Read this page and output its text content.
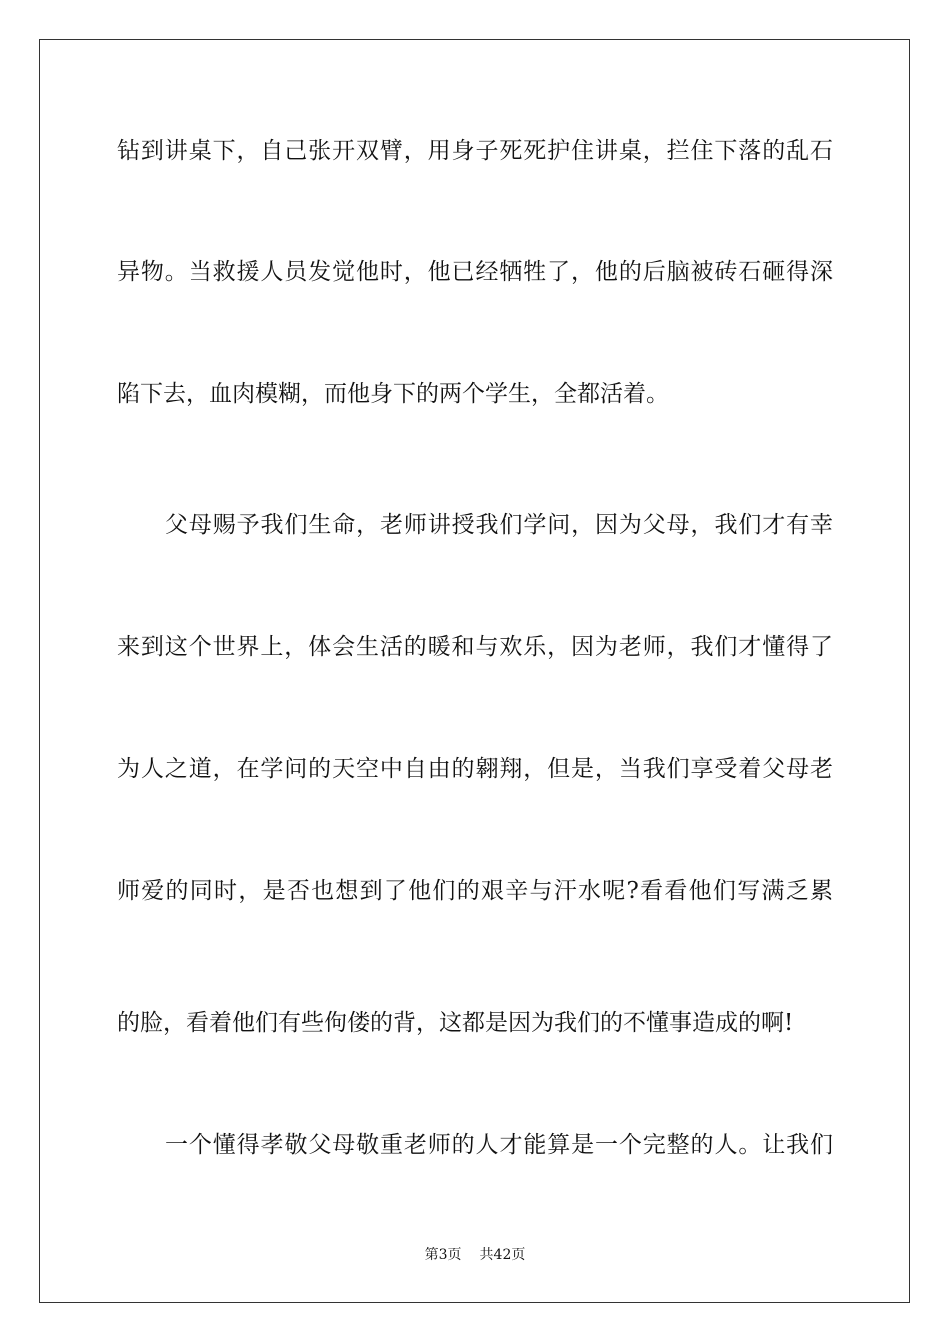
钻到讲桌下，自己张开双臂，用身子死死护住讲桌，拦住下落的乱石
异物。当救援人员发觉他时，他已经牺牲了，他的后脑被砖石砸得深
陷下去，血肉模糊，而他身下的两个学生，全都活着。
父母赐予我们生命，老师讲授我们学问，因为父母，我们才有幸
来到这个世界上，体会生活的暖和与欢乐，因为老师，我们才懂得了
为人之道，在学问的天空中自由的翱翔，但是，当我们享受着父母老
师爱的同时，是否也想到了他们的艰辛与汗水呢?看看他们写满乏累
的脸，看着他们有些佝偻的背，这都是因为我们的不懂事造成的啊!
一个懂得孝敬父母敬重老师的人才能算是一个完整的人。让我们
第3页 共42页
